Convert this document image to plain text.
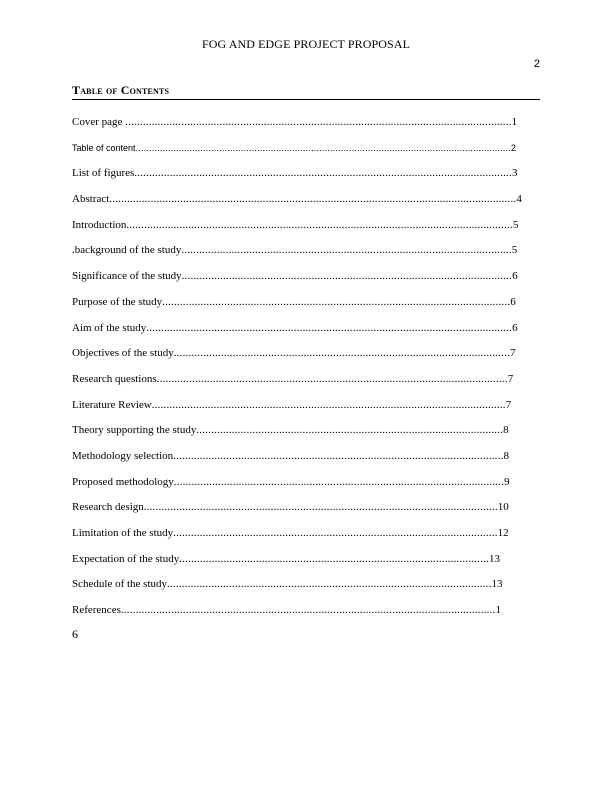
FOG AND EDGE PROJECT PROPOSAL
2
Table of Contents
Cover page ...................................................................................................................................1
Table of content...........................................................................................................................................2
List of figures................................................................................................................................3
Abstract..........................................................................................................................................4
Introduction...................................................................................................................................5
.background of the study................................................................................................................5
Significance of the study................................................................................................................6
Purpose of the study......................................................................................................................6
Aim of the study............................................................................................................................6
Objectives of the study..................................................................................................................7
Research questions.......................................................................................................................7
Literature Review........................................................................................................................7
Theory supporting the study........................................................................................................8
Methodology selection................................................................................................................8
Proposed methodology................................................................................................................9
Research design........................................................................................................................10
Limitation of the study..............................................................................................................12
Expectation of the study.........................................................................................................13
Schedule of the study..............................................................................................................13
References...............................................................................................................................1
6
